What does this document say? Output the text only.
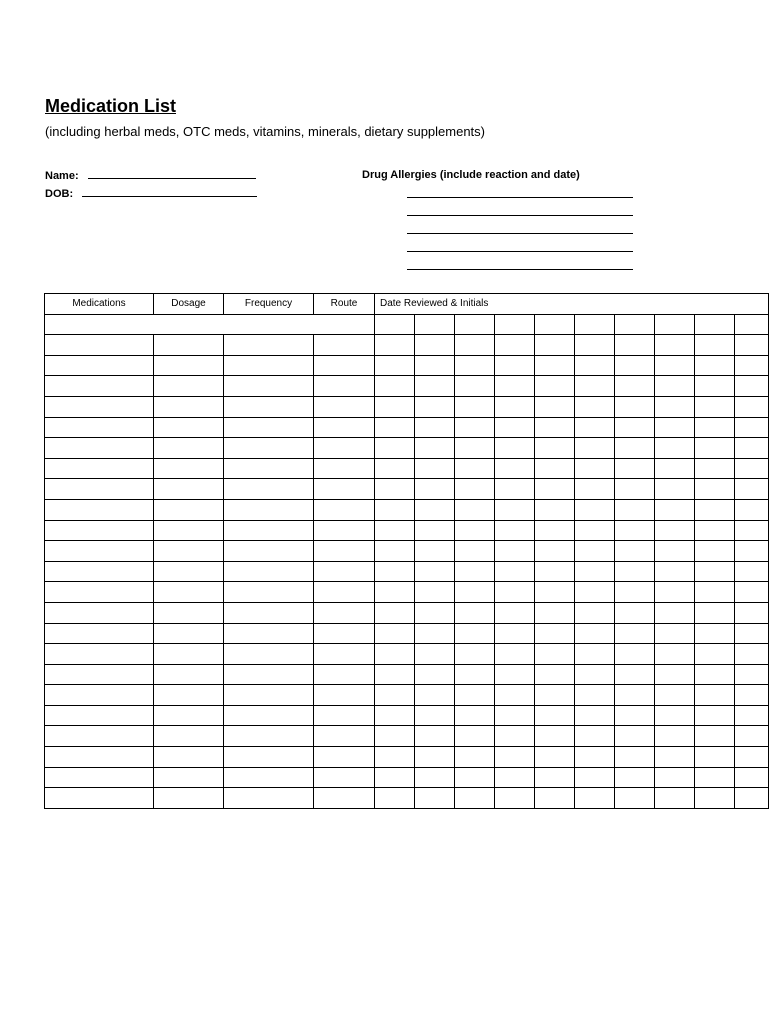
Medication List
(including herbal meds, OTC meds, vitamins, minerals, dietary supplements)
Name:
DOB:
Drug Allergies (include reaction and date)
Medications	Dosage	Frequency	Route	Date Reviewed & Initials									
